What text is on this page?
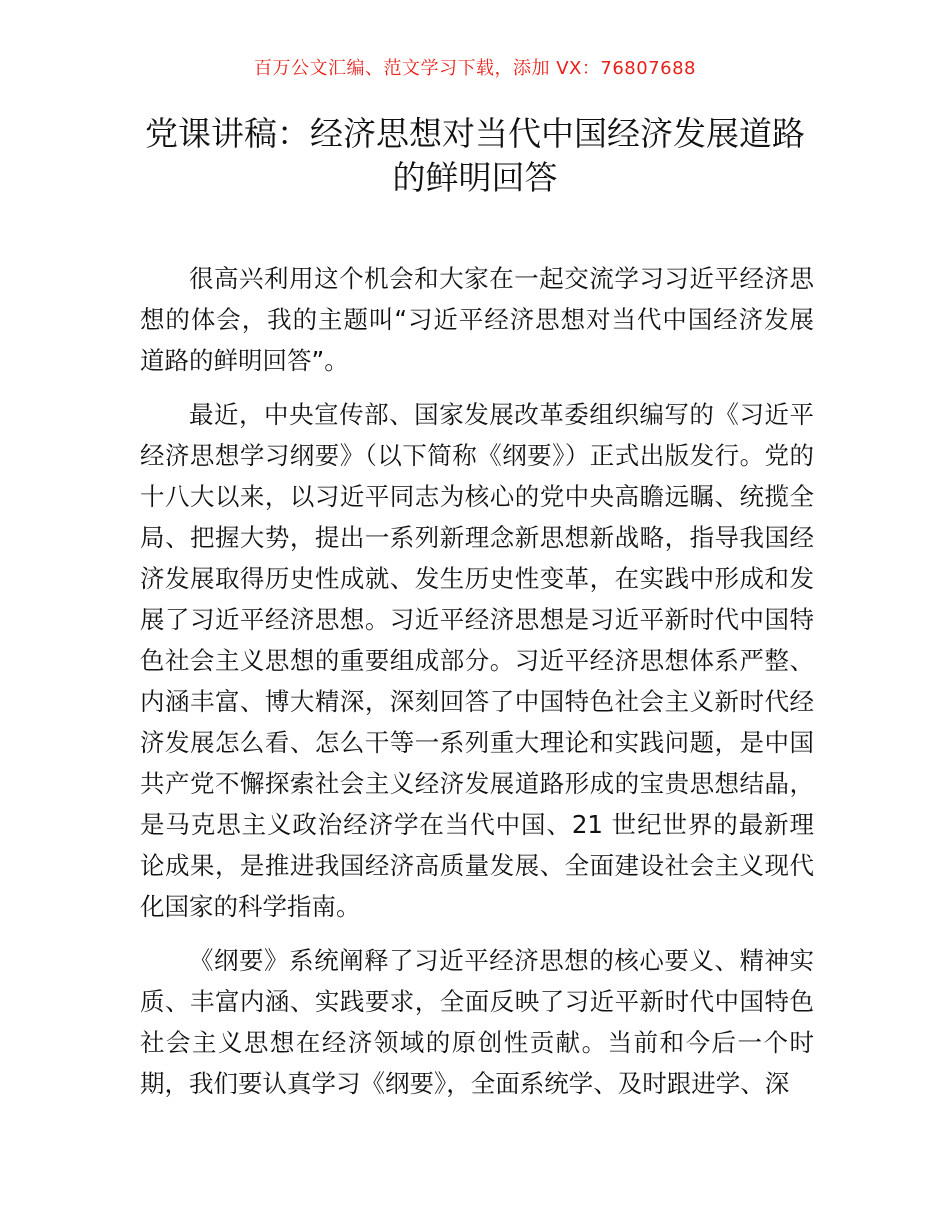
百万公文汇编、范文学习下载，添加 VX：76807688
党课讲稿：经济思想对当代中国经济发展道路的鲜明回答

很高兴利用这个机会和大家在一起交流学习习近平经济思想的体会，我的主题叫“习近平经济思想对当代中国经济发展道路的鲜明回答”。

最近，中央宣传部、国家发展改革委组织编写的《习近平经济思想学习纲要》（以下简称《纲要》）正式出版发行。党的十八大以来，以习近平同志为核心的党中央高瞻远瞩、统揽全局、把握大势，提出一系列新理念新思想新战略，指导我国经济发展取得历史性成就、发生历史性变革，在实践中形成和发展了习近平经济思想。习近平经济思想是习近平新时代中国特色社会主义思想的重要组成部分。习近平经济思想体系严整、内涵丰富、博大精深，深刻回答了中国特色社会主义新时代经济发展怎么看、怎么干等一系列重大理论和实践问题，是中国共产党不懈探索社会主义经济发展道路形成的宝贵思想结晶，是马克思主义政治经济学在当代中国、21 世纪世界的最新理论成果，是推进我国经济高质量发展、全面建设社会主义现代化国家的科学指南。

《纲要》系统阐释了习近平经济思想的核心要义、精神实质、丰富内涵、实践要求，全面反映了习近平新时代中国特色社会主义思想在经济领域的原创性贡献。当前和今后一个时期，我们要认真学习《纲要》，全面系统学、及时跟进学、深
